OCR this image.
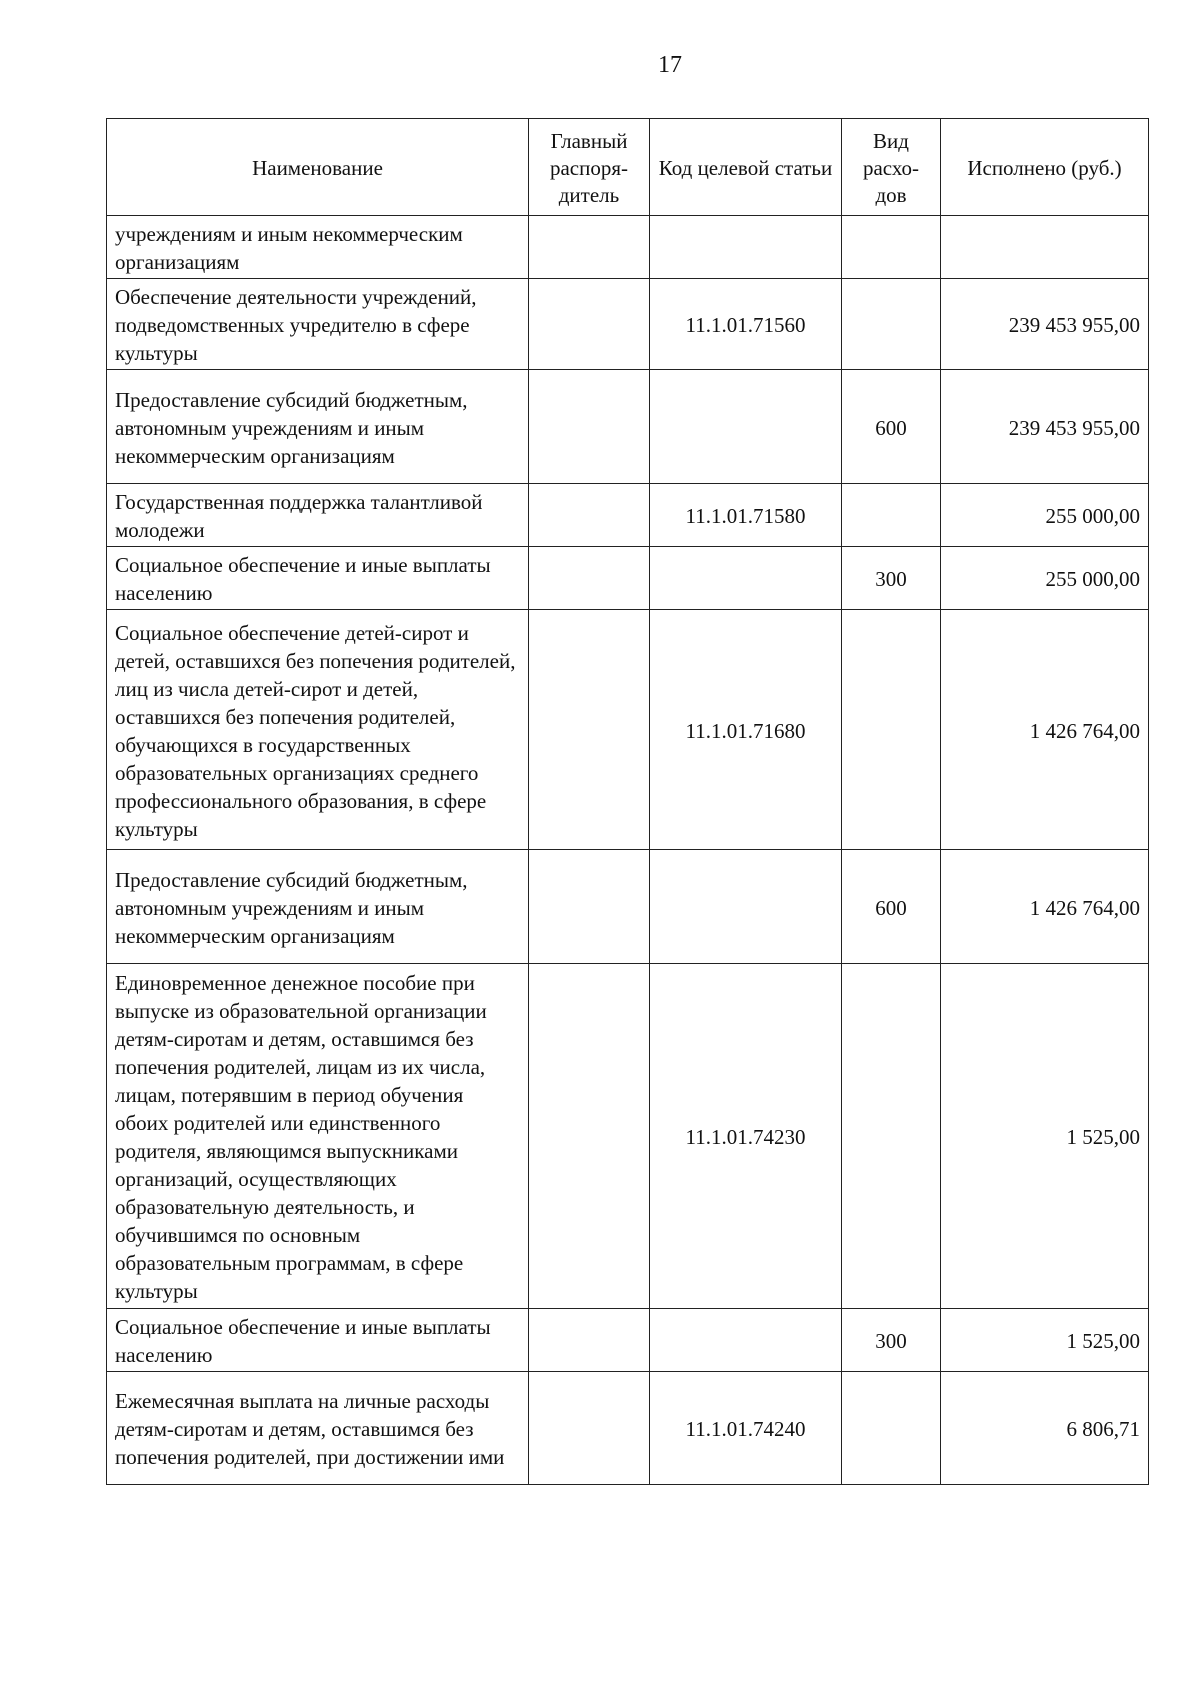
17
Наименование	Главный распоря-дитель	Код целевой статьи	Вид расхо-дов	Исполнено (руб.)
учреждениям и иным некоммерческим организациям				
Обеспечение деятельности учреждений, подведомственных учредителю в сфере культуры		11.1.01.71560		239 453 955,00
Предоставление субсидий бюджетным, автономным учреждениям и иным некоммерческим организациям			600	239 453 955,00
Государственная поддержка талантливой молодежи		11.1.01.71580		255 000,00
Социальное обеспечение и иные выплаты населению			300	255 000,00
Социальное обеспечение детей-сирот и детей, оставшихся без попечения родителей, лиц из числа детей-сирот и детей, оставшихся без попечения родителей, обучающихся в государственных образовательных организациях среднего профессионального образования, в сфере культуры		11.1.01.71680		1 426 764,00
Предоставление субсидий бюджетным, автономным учреждениям и иным некоммерческим организациям			600	1 426 764,00
Единовременное денежное пособие при выпуске из образовательной организации детям-сиротам и детям, оставшимся без попечения родителей, лицам из их числа, лицам, потерявшим в период обучения обоих родителей или единственного родителя, являющимся выпускниками организаций, осуществляющих образовательную деятельность, и обучившимся по основным образовательным программам, в сфере культуры		11.1.01.74230		1 525,00
Социальное обеспечение и иные выплаты населению			300	1 525,00
Ежемесячная выплата на личные расходы детям-сиротам и детям, оставшимся без попечения родителей, при достижении ими		11.1.01.74240		6 806,71
